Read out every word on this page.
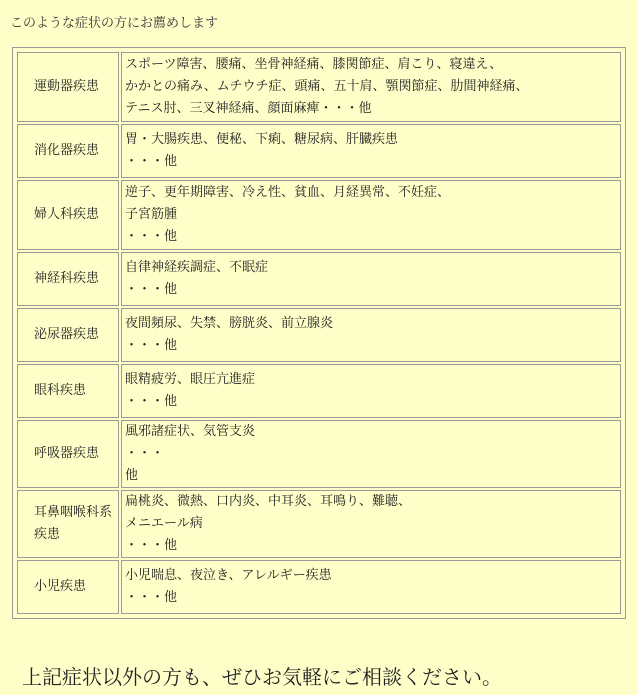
このような症状の方にお薦めします
運動器疾患	スポーツ障害、腰痛、坐骨神経痛、膝関節症、肩こり、寝違え、
かかとの痛み、ムチウチ症、頭痛、五十肩、顎関節症、肋間神経痛、
テニス肘、三叉神経痛、顔面麻痺・・・他

消化器疾患	胃・大腸疾患、便秘、下痢、糖尿病、肝臓疾患
・・・他

婦人科疾患	逆子、更年期障害、冷え性、貧血、月経異常、不妊症、
子宮筋腫
・・・他

神経科疾患	自律神経疾調症、不眠症
・・・他

泌尿器疾患	夜間頻尿、失禁、膀胱炎、前立腺炎
・・・他

眼科疾患	眼精疲労、眼圧亢進症
・・・他

呼吸器疾患	風邪諸症状、気管支炎
・・・
他

耳鼻咽喉科系
疾患	扁桃炎、微熱、口内炎、中耳炎、耳鳴り、難聴、
メニエール病
・・・他

小児疾患	小児喘息、夜泣き、アレルギー疾患
・・・他
上記症状以外の方も、ぜひお気軽にご相談ください。
